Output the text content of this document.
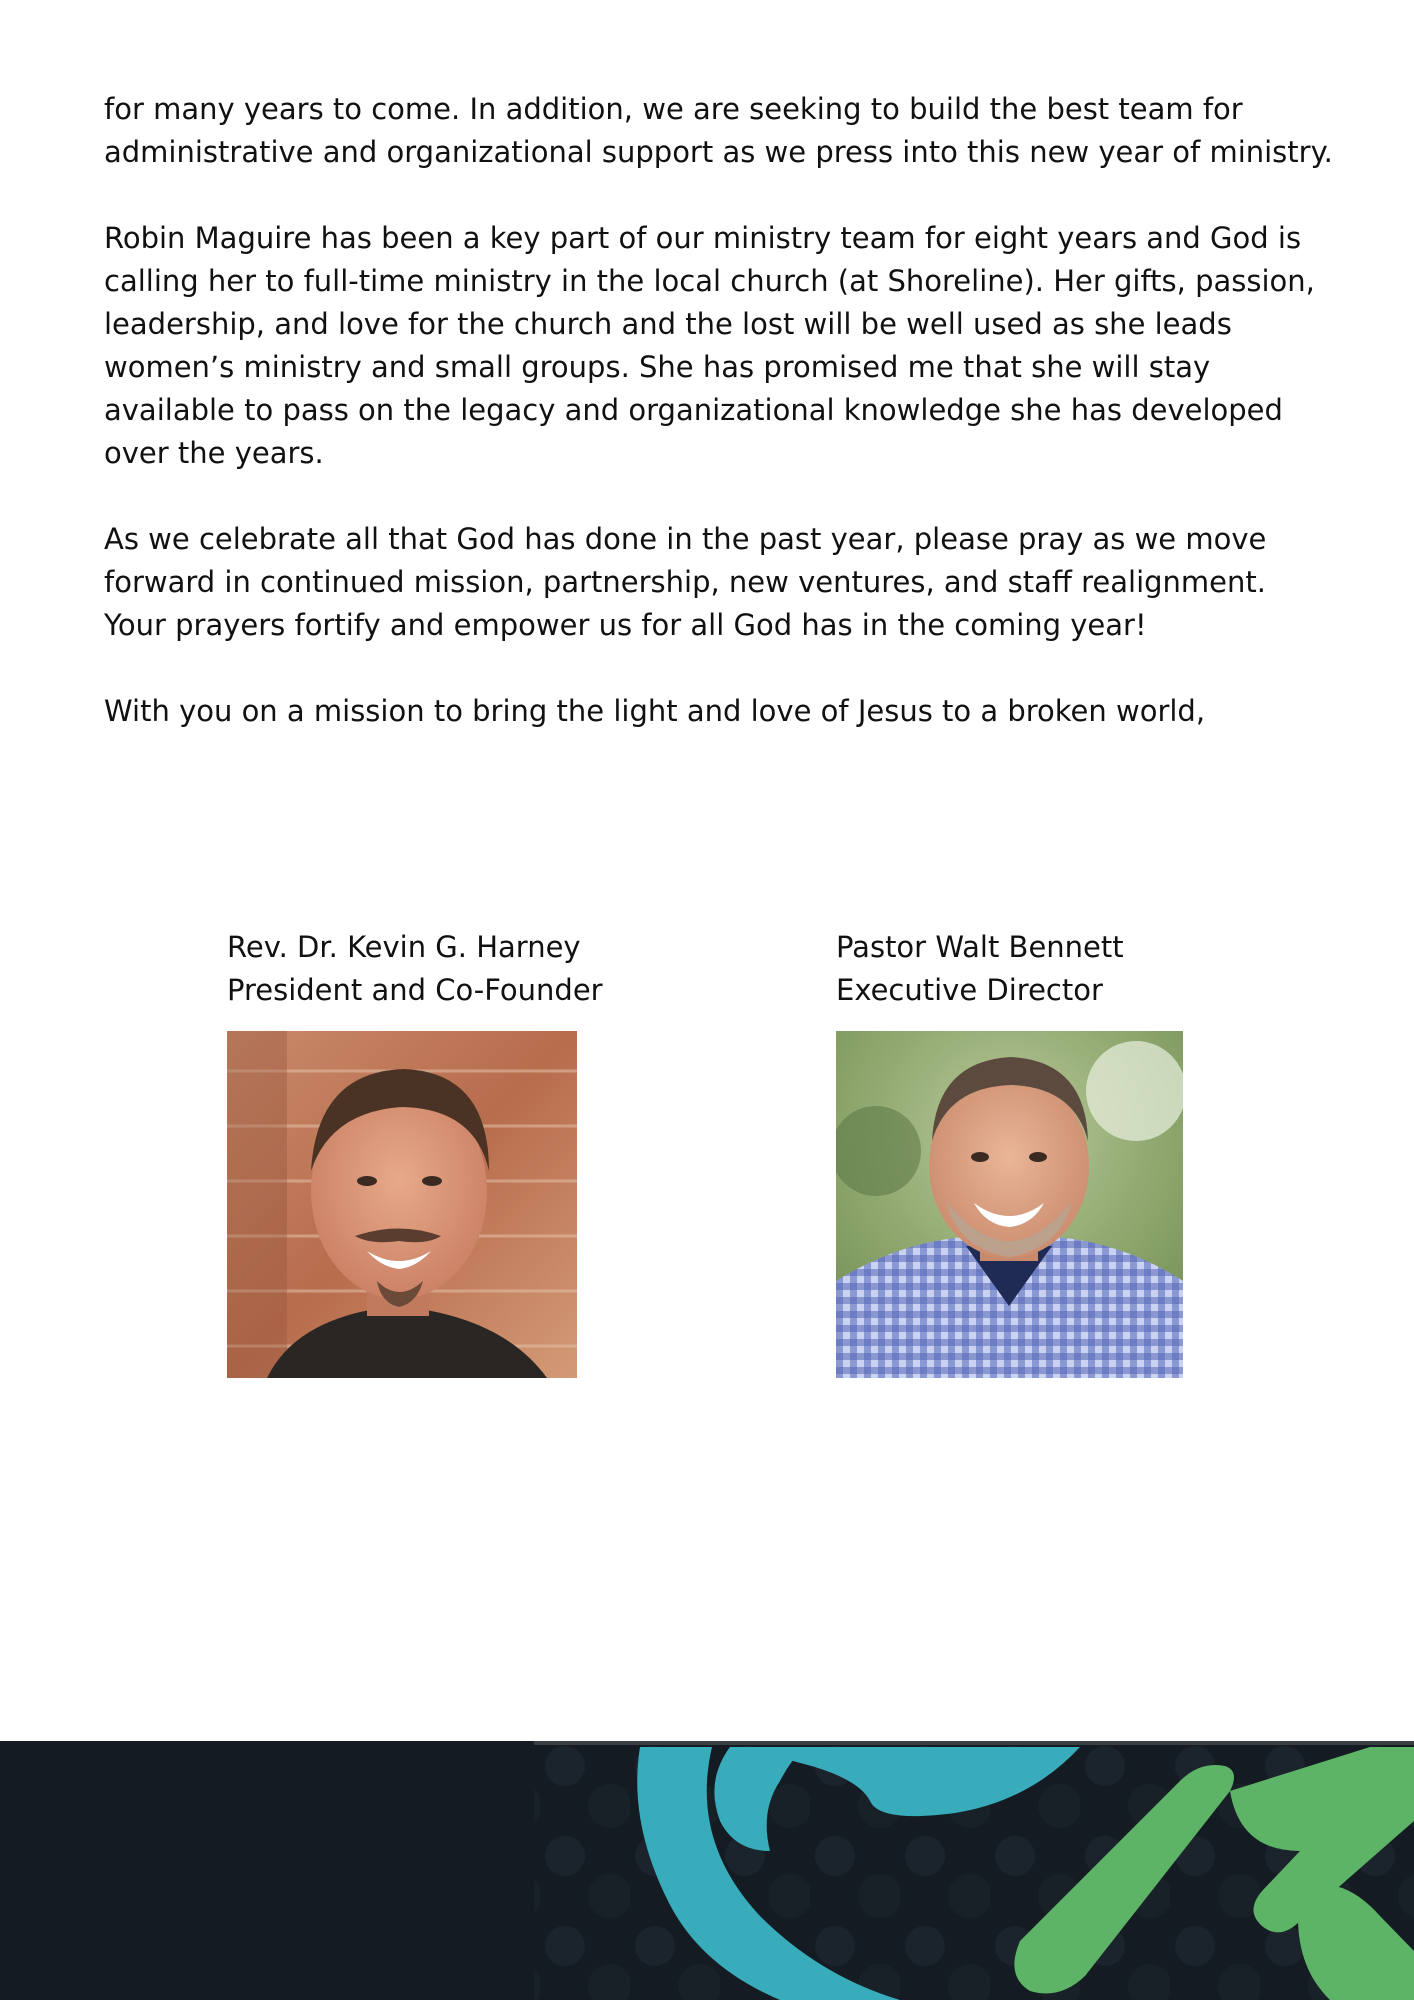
for many years to come. In addition, we are seeking to build the best team for administrative and organizational support as we press into this new year of ministry.

Robin Maguire has been a key part of our ministry team for eight years and God is calling her to full-time ministry in the local church (at Shoreline). Her gifts, passion, leadership, and love for the church and the lost will be well used as she leads women’s ministry and small groups. She has promised me that she will stay available to pass on the legacy and organizational knowledge she has developed over the years.

As we celebrate all that God has done in the past year, please pray as we move forward in continued mission, partnership, new ventures, and staff realignment. Your prayers fortify and empower us for all God has in the coming year!

With you on a mission to bring the light and love of Jesus to a broken world,

Rev. Dr. Kevin G. Harney
President and Co-Founder
Pastor Walt Bennett
Executive Director
